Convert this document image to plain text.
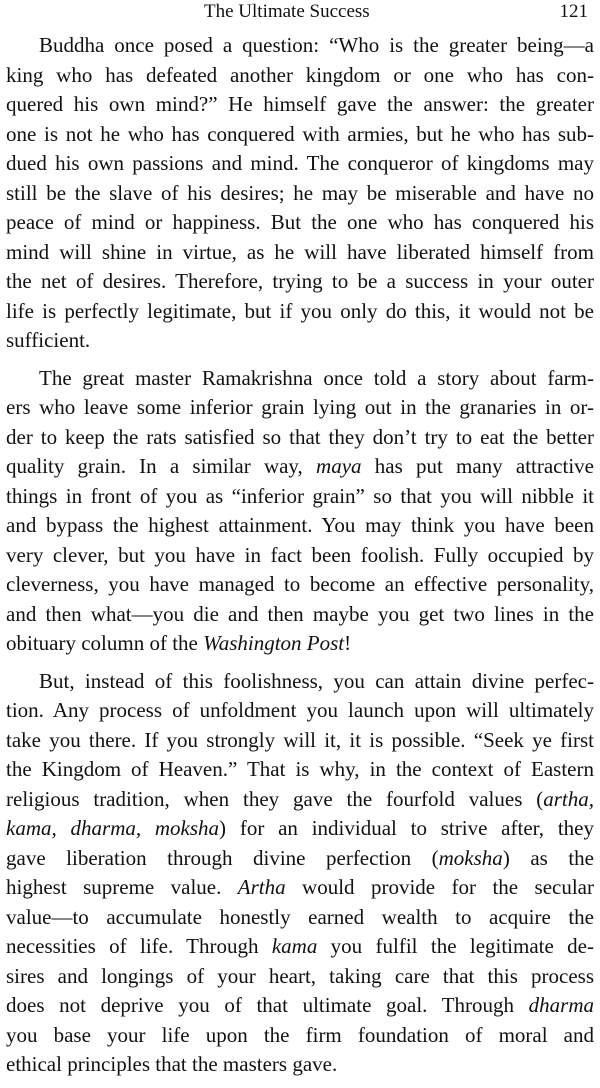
The Ultimate Success	121
Buddha once posed a question: “Who is the greater being—a
king who has defeated another kingdom or one who has con-
quered his own mind?” He himself gave the answer: the greater
one is not he who has conquered with armies, but he who has sub-
dued his own passions and mind. The conqueror of kingdoms may
still be the slave of his desires; he may be miserable and have no
peace of mind or happiness. But the one who has conquered his
mind will shine in virtue, as he will have liberated himself from
the net of desires. Therefore, trying to be a success in your outer
life is perfectly legitimate, but if you only do this, it would not be
sufficient.
The great master Ramakrishna once told a story about farm-
ers who leave some inferior grain lying out in the granaries in or-
der to keep the rats satisfied so that they don’t try to eat the better
quality grain. In a similar way, maya has put many attractive
things in front of you as “inferior grain” so that you will nibble it
and bypass the highest attainment. You may think you have been
very clever, but you have in fact been foolish. Fully occupied by
cleverness, you have managed to become an effective personality,
and then what—you die and then maybe you get two lines in the
obituary column of the Washington Post!
But, instead of this foolishness, you can attain divine perfec-
tion. Any process of unfoldment you launch upon will ultimately
take you there. If you strongly will it, it is possible. “Seek ye first
the Kingdom of Heaven.” That is why, in the context of Eastern
religious tradition, when they gave the fourfold values (artha,
kama, dharma, moksha) for an individual to strive after, they
gave liberation through divine perfection (moksha) as the
highest supreme value. Artha would provide for the secular
value—to accumulate honestly earned wealth to acquire the
necessities of life. Through kama you fulfil the legitimate de-
sires and longings of your heart, taking care that this process
does not deprive you of that ultimate goal. Through dharma
you base your life upon the firm foundation of moral and
ethical principles that the masters gave.
